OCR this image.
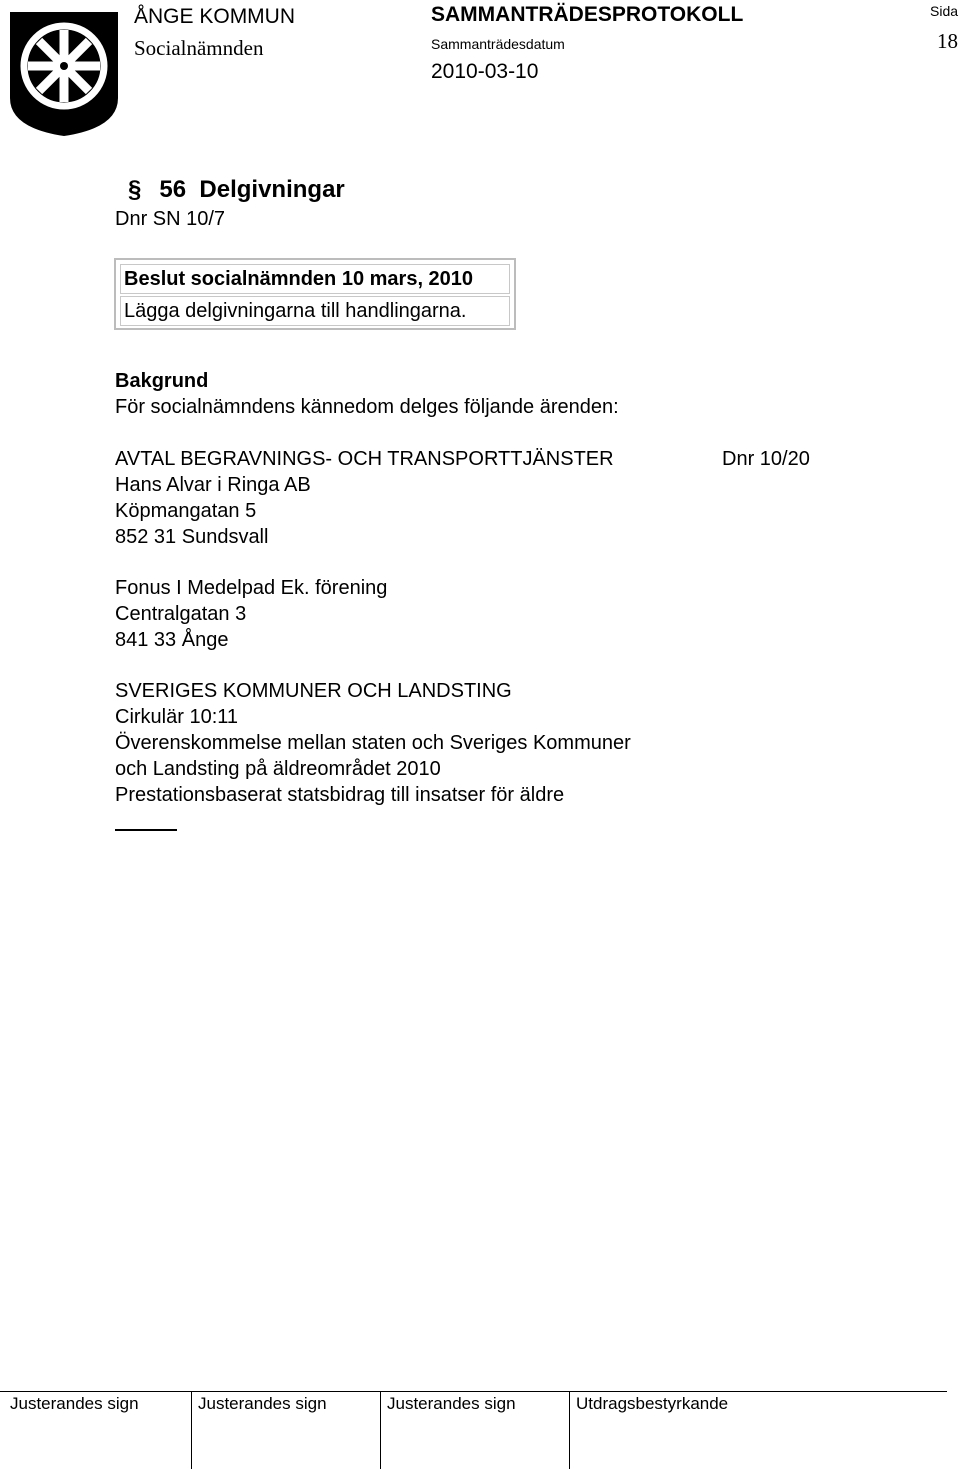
ÅNGE KOMMUN
Socialnämnden
SAMMANTRÄDESPROTOKOLL
Sammanträdesdatum
2010-03-10
Sida
18
§ 56  Delgivningar
Dnr SN 10/7
Beslut socialnämnden 10 mars, 2010
Lägga delgivningarna till handlingarna.
Bakgrund
För socialnämndens kännedom delges följande ärenden:
AVTAL BEGRAVNINGS- OCH TRANSPORTTJÄNSTER	Dnr 10/20
Hans Alvar i Ringa AB
Köpmangatan 5
852 31 Sundsvall
Fonus I Medelpad Ek. förening
Centralgatan 3
841 33 Ånge
SVERIGES KOMMUNER OCH LANDSTING
Cirkulär 10:11
Överenskommelse mellan staten och Sveriges Kommuner
och Landsting på äldreområdet 2010
Prestationsbaserat statsbidrag till insatser för äldre
Justerandes sign	Justerandes sign	Justerandes sign	Utdragsbestyrkande
